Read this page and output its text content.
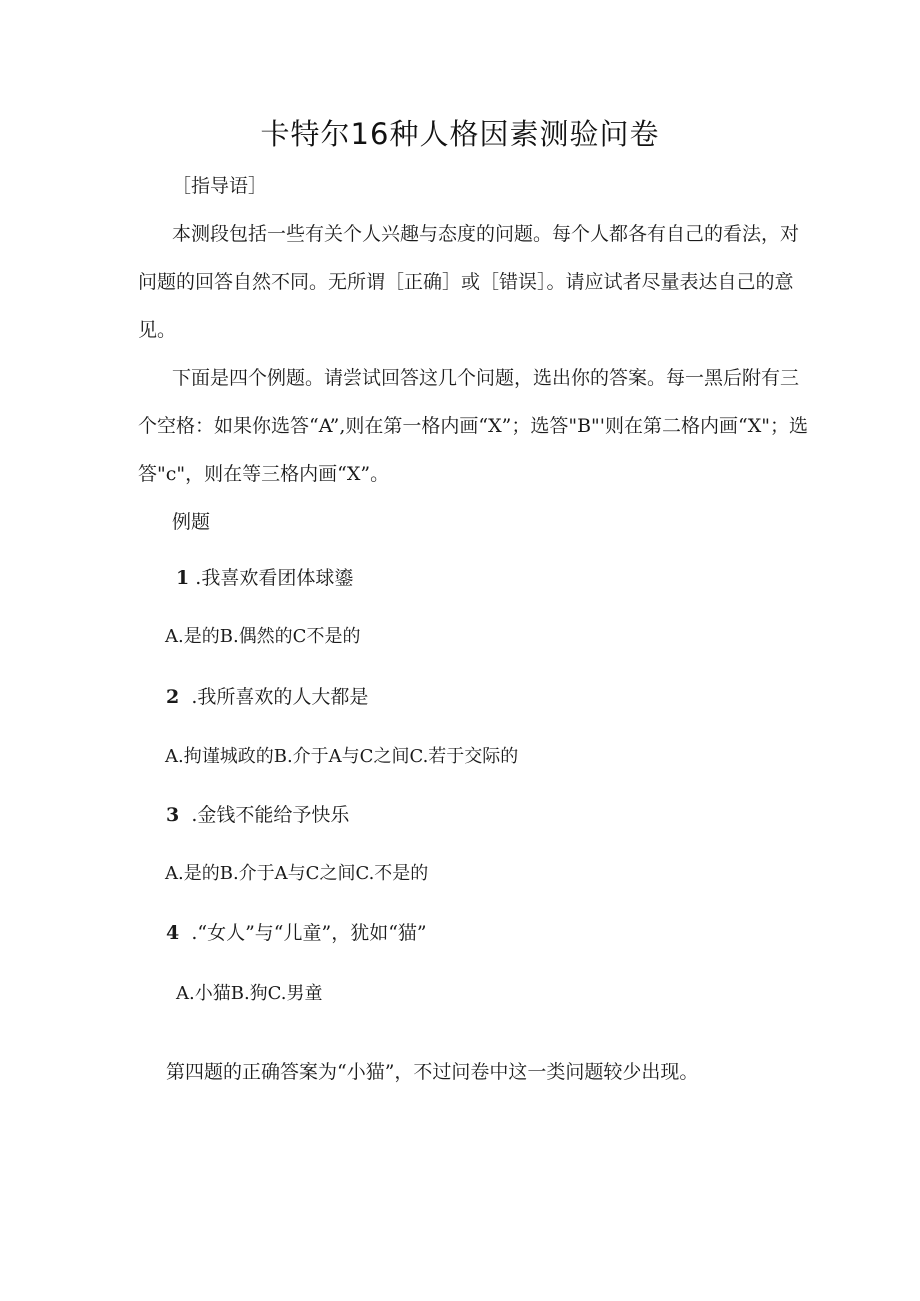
卡特尔16种人格因素测验问卷
［指导语］
本测段包括一些有关个人兴趣与态度的问题。每个人都各有自己的看法，对
问题的回答自然不同。无所谓［正确］或［错误］。请应试者尽量表达自己的意
见。
下面是四个例题。请尝试回答这几个问题，选出你的答案。每一黑后附有三
个空格：如果你选答“A”,则在第一格内画“X”；选答"B"'则在第二格内画“X"；选
答"c"，则在等三格内画“X”。
例题
1 .我喜欢看团体球鎏
A.是的B.偶然的C不是的
2 .我所喜欢的人大都是
A.拘谨城政的B.介于A与C之间C.若于交际的
3 .金钱不能给予快乐
A.是的B.介于A与C之间C.不是的
4 .“女人”与“儿童”，犹如“猫”
A.小猫B.狗C.男童
第四题的正确答案为“小猫”，不过问卷中这一类问题较少出现。
